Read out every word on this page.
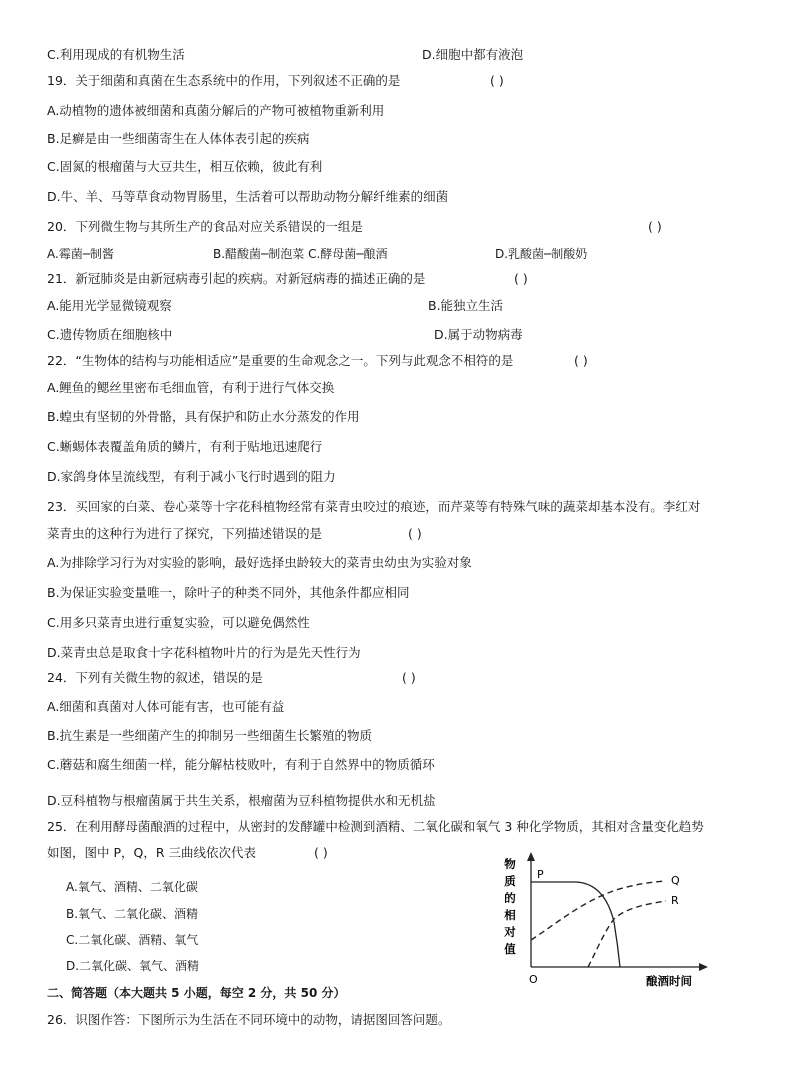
C.利用现成的有机物生活	D.细胞中都有液泡
19．关于细菌和真菌在生态系统中的作用，下列叙述不正确的是	( )
A.动植物的遗体被细菌和真菌分解后的产物可被植物重新利用
B.足癣是由一些细菌寄生在人体体表引起的疾病
C.固氮的根瘤菌与大豆共生，相互依赖，彼此有利
D.牛、羊、马等草食动物胃肠里，生活着可以帮助动物分解纤维素的细菌
20．下列微生物与其所生产的食品对应关系错误的一组是	( )
A.霉菌─制酱	B.醋酸菌─制泡菜 C.酵母菌─酿酒	D.乳酸菌─制酸奶
21．新冠肺炎是由新冠病毒引起的疾病。对新冠病毒的描述正确的是	( )
A.能用光学显微镜观察	B.能独立生活
C.遗传物质在细胞核中	D.属于动物病毒
22．“生物体的结构与功能相适应”是重要的生命观念之一。下列与此观念不相符的是	( )
A.鲤鱼的鳃丝里密布毛细血管，有利于进行气体交换
B.蝗虫有坚韧的外骨骼，具有保护和防止水分蒸发的作用
C.蜥蜴体表覆盖角质的鳞片，有利于贴地迅速爬行
D.家鸽身体呈流线型，有利于减小飞行时遇到的阻力
23．买回家的白菜、卷心菜等十字花科植物经常有菜青虫咬过的痕迹，而芹菜等有特殊气味的蔬菜却基本没有。李红对
菜青虫的这种行为进行了探究，下列描述错误的是	( )
A.为排除学习行为对实验的影响，最好选择虫龄较大的菜青虫幼虫为实验对象
B.为保证实验变量唯一，除叶子的种类不同外，其他条件都应相同
C.用多只菜青虫进行重复实验，可以避免偶然性
D.菜青虫总是取食十字花科植物叶片的行为是先天性行为
24．下列有关微生物的叙述，错误的是	( )
A.细菌和真菌对人体可能有害，也可能有益
B.抗生素是一些细菌产生的抑制另一些细菌生长繁殖的物质
C.蘑菇和腐生细菌一样，能分解枯枝败叶，有利于自然界中的物质循环
D.豆科植物与根瘤菌属于共生关系，根瘤菌为豆科植物提供水和无机盐
25．在利用酵母菌酿酒的过程中，从密封的发酵罐中检测到酒精、二氧化碳和氧气 3 种化学物质，其相对含量变化趋势
如图，图中 P，Q，R 三曲线依次代表	( )
A.氧气、酒精、二氧化碳
B.氧气、二氧化碳、酒精
C.二氧化碳、酒精、氧气
D.二氧化碳、氧气、酒精
二、简答题（本大题共 5 小题，每空 2 分，共 50 分）
26．识图作答：下图所示为生活在不同环境中的动物，请据图回答问题。
物
质
的
相
对
值
P	Q
R
O	酿酒时间
